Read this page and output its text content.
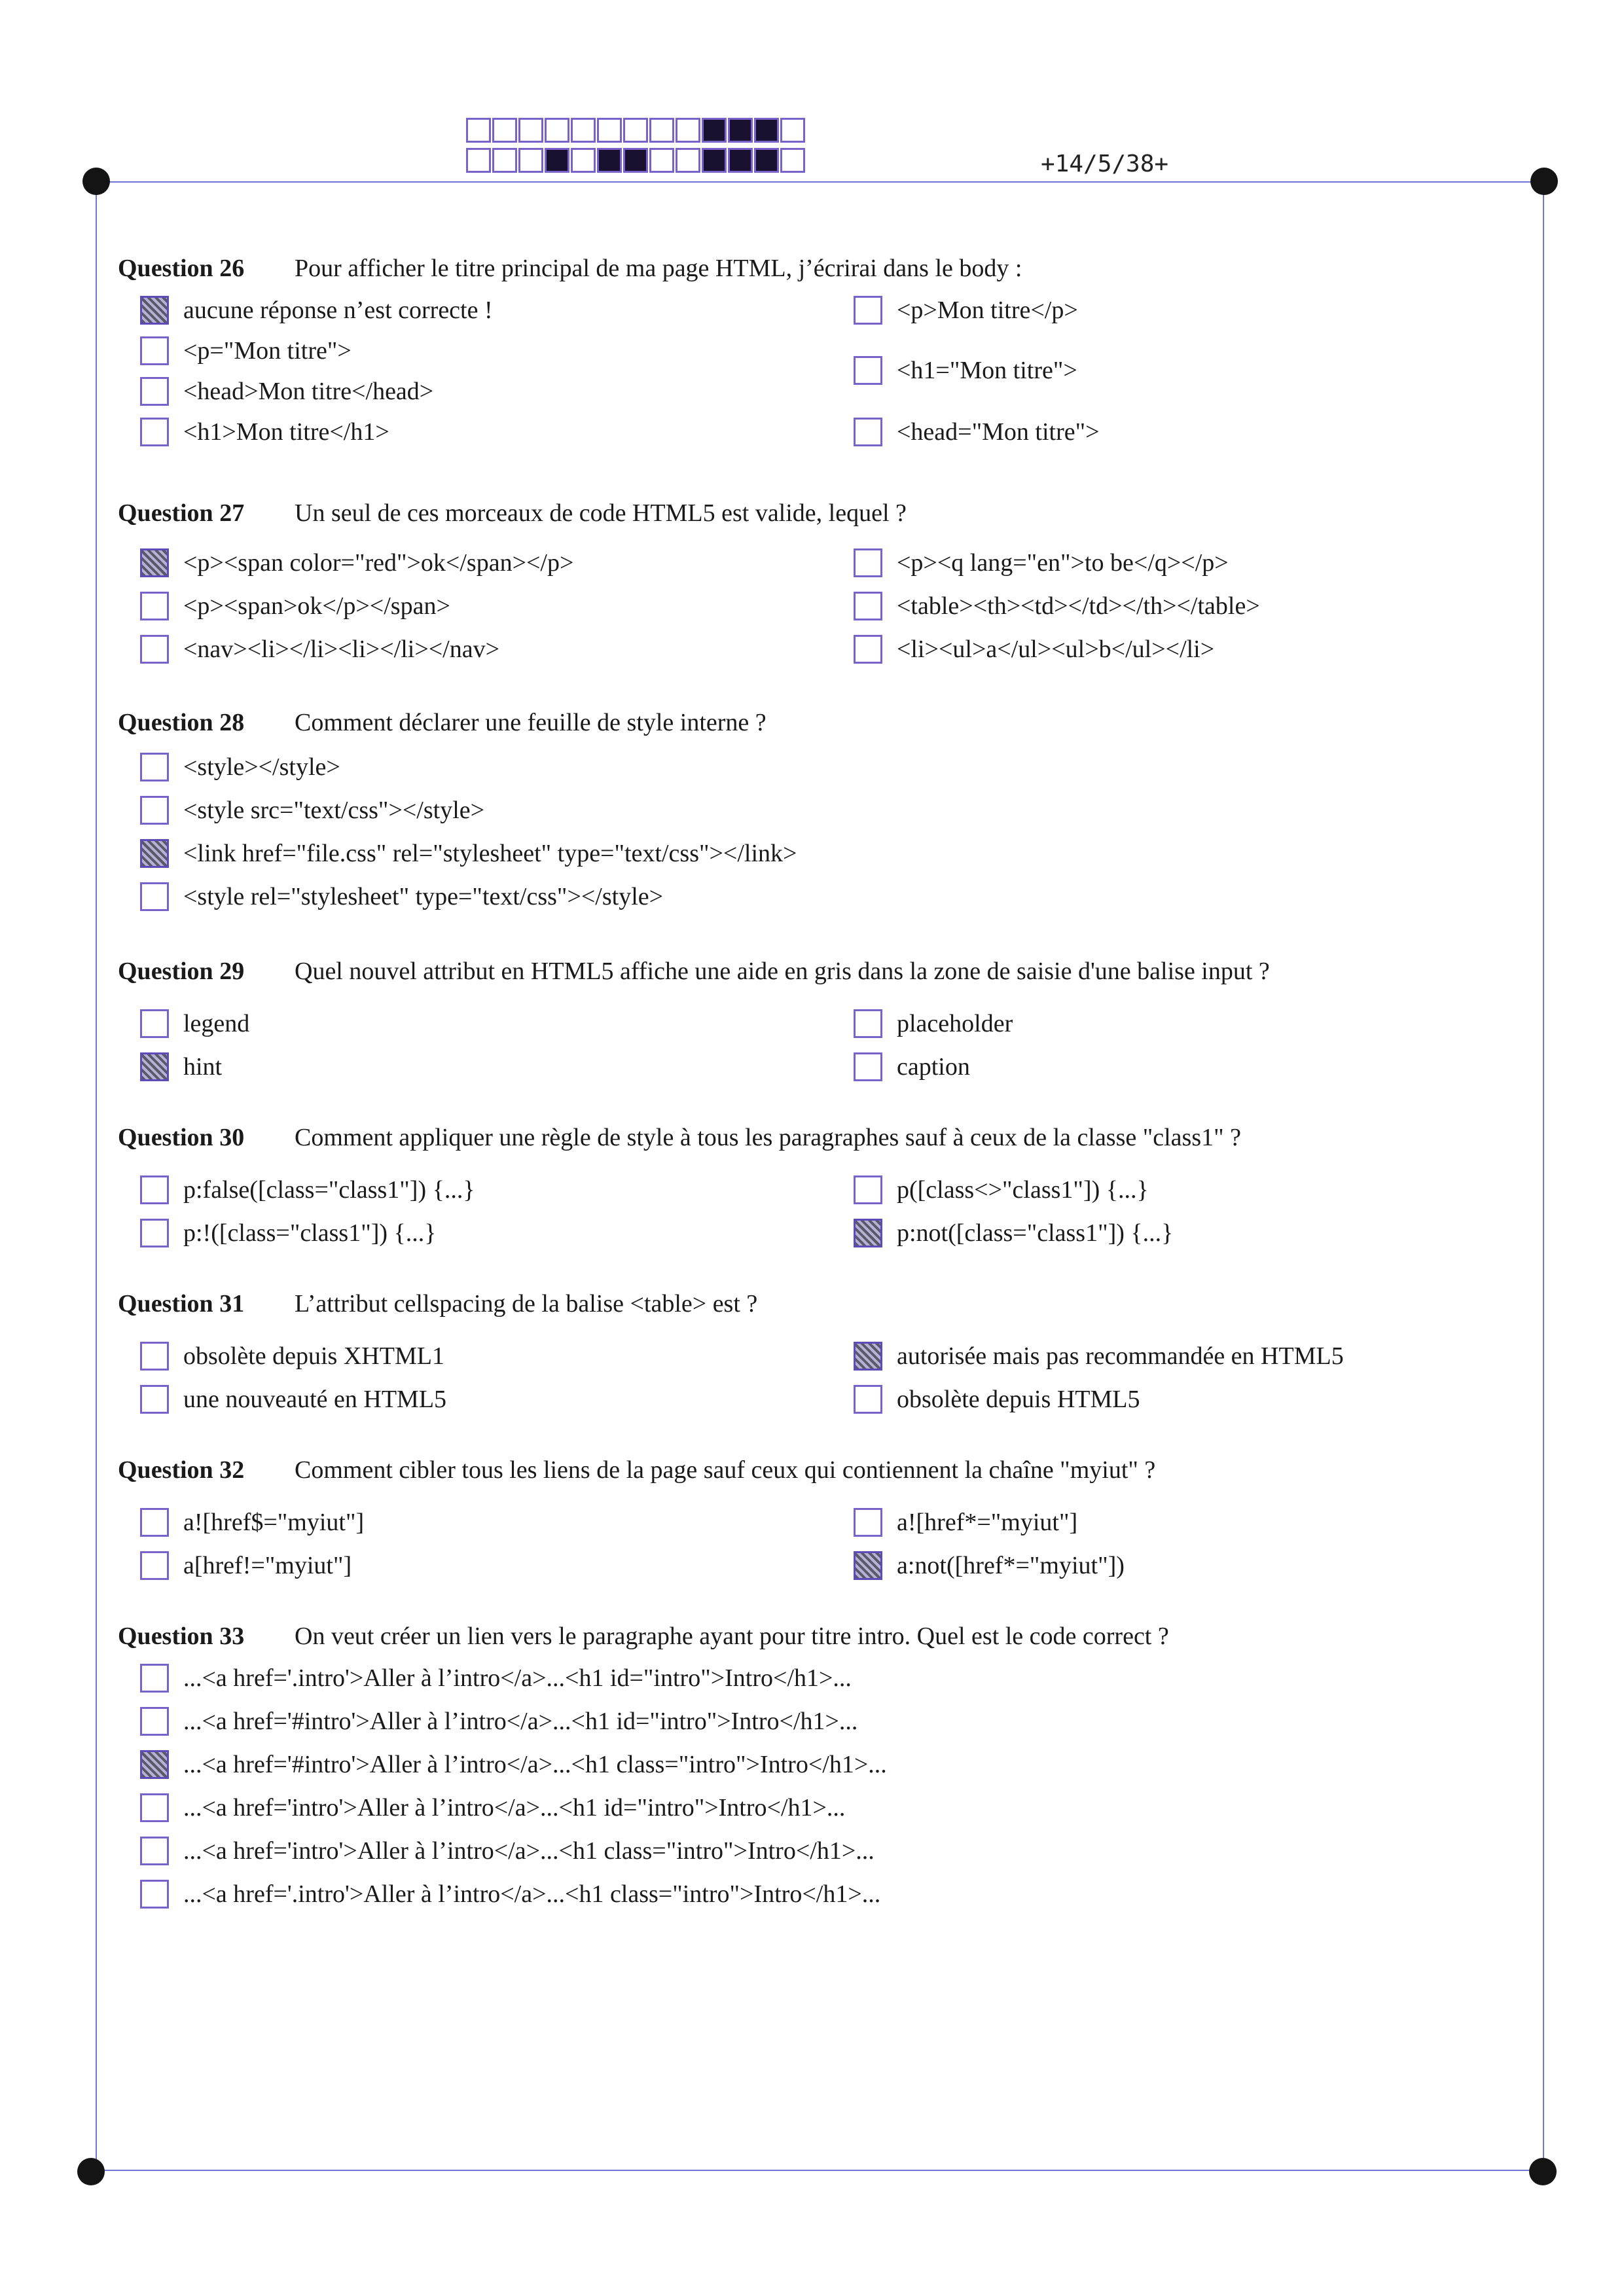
+14/5/38+
Question 26	Pour afficher le titre principal de ma page HTML, j’écrirai dans le body :
aucune réponse n’est correcte !
<p="Mon titre">
<head>Mon titre</head>
<h1>Mon titre</h1>
<p>Mon titre</p>
<h1="Mon titre">
<head="Mon titre">
Question 27	Un seul de ces morceaux de code HTML5 est valide, lequel ?
<p><span color="red">ok</span></p>
<p><span>ok</p></span>
<nav><li></li><li></li></nav>
<p><q lang="en">to be</q></p>
<table><th><td></td></th></table>
<li><ul>a</ul><ul>b</ul></li>
Question 28	Comment déclarer une feuille de style interne ?
<style></style>
<style src="text/css"></style>
<link href="file.css" rel="stylesheet" type="text/css"></link>
<style rel="stylesheet" type="text/css"></style>
Question 29	Quel nouvel attribut en HTML5 affiche une aide en gris dans la zone de saisie d'une balise input ?
legend
hint
placeholder
caption
Question 30	Comment appliquer une règle de style à tous les paragraphes sauf à ceux de la classe "class1" ?
p:false([class="class1"]) {...}
p:!([class="class1"]) {...}
p([class<>"class1"]) {...}
p:not([class="class1"]) {...}
Question 31	L’attribut cellspacing de la balise <table> est ?
obsolète depuis XHTML1
une nouveauté en HTML5
autorisée mais pas recommandée en HTML5
obsolète depuis HTML5
Question 32	Comment cibler tous les liens de la page sauf ceux qui contiennent la chaîne "myiut" ?
a![href$="myiut"]
a[href!="myiut"]
a![href*="myiut"]
a:not([href*="myiut"])
Question 33	On veut créer un lien vers le paragraphe ayant pour titre intro. Quel est le code correct ?
...<a href='.intro'>Aller à l’intro</a>...<h1 id="intro">Intro</h1>...
...<a href='#intro'>Aller à l’intro</a>...<h1 id="intro">Intro</h1>...
...<a href='#intro'>Aller à l’intro</a>...<h1 class="intro">Intro</h1>...
...<a href='intro'>Aller à l’intro</a>...<h1 id="intro">Intro</h1>...
...<a href='intro'>Aller à l’intro</a>...<h1 class="intro">Intro</h1>...
...<a href='.intro'>Aller à l’intro</a>...<h1 class="intro">Intro</h1>...
